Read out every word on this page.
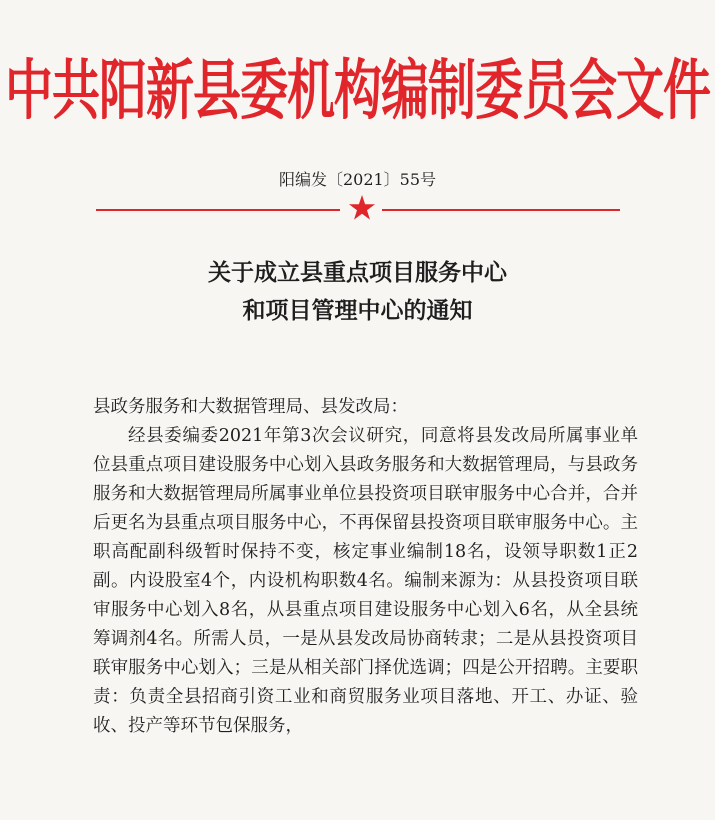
中共阳新县委机构编制委员会文件
阳编发〔2021〕55号
关于成立县重点项目服务中心
和项目管理中心的通知

县政务服务和大数据管理局、县发改局：

经县委编委2021年第3次会议研究，同意将县发改局所属事业单位县重点项目建设服务中心划入县政务服务和大数据管理局，与县政务服务和大数据管理局所属事业单位县投资项目联审服务中心合并，合并后更名为县重点项目服务中心，不再保留县投资项目联审服务中心。主职高配副科级暂时保持不变，核定事业编制18名，设领导职数1正2副。内设股室4个，内设机构职数4名。编制来源为：从县投资项目联审服务中心划入8名，从县重点项目建设服务中心划入6名，从全县统筹调剂4名。所需人员，一是从县发改局协商转隶；二是从县投资项目联审服务中心划入；三是从相关部门择优选调；四是公开招聘。主要职责：负责全县招商引资工业和商贸服务业项目落地、开工、办证、验收、投产等环节包保服务，
